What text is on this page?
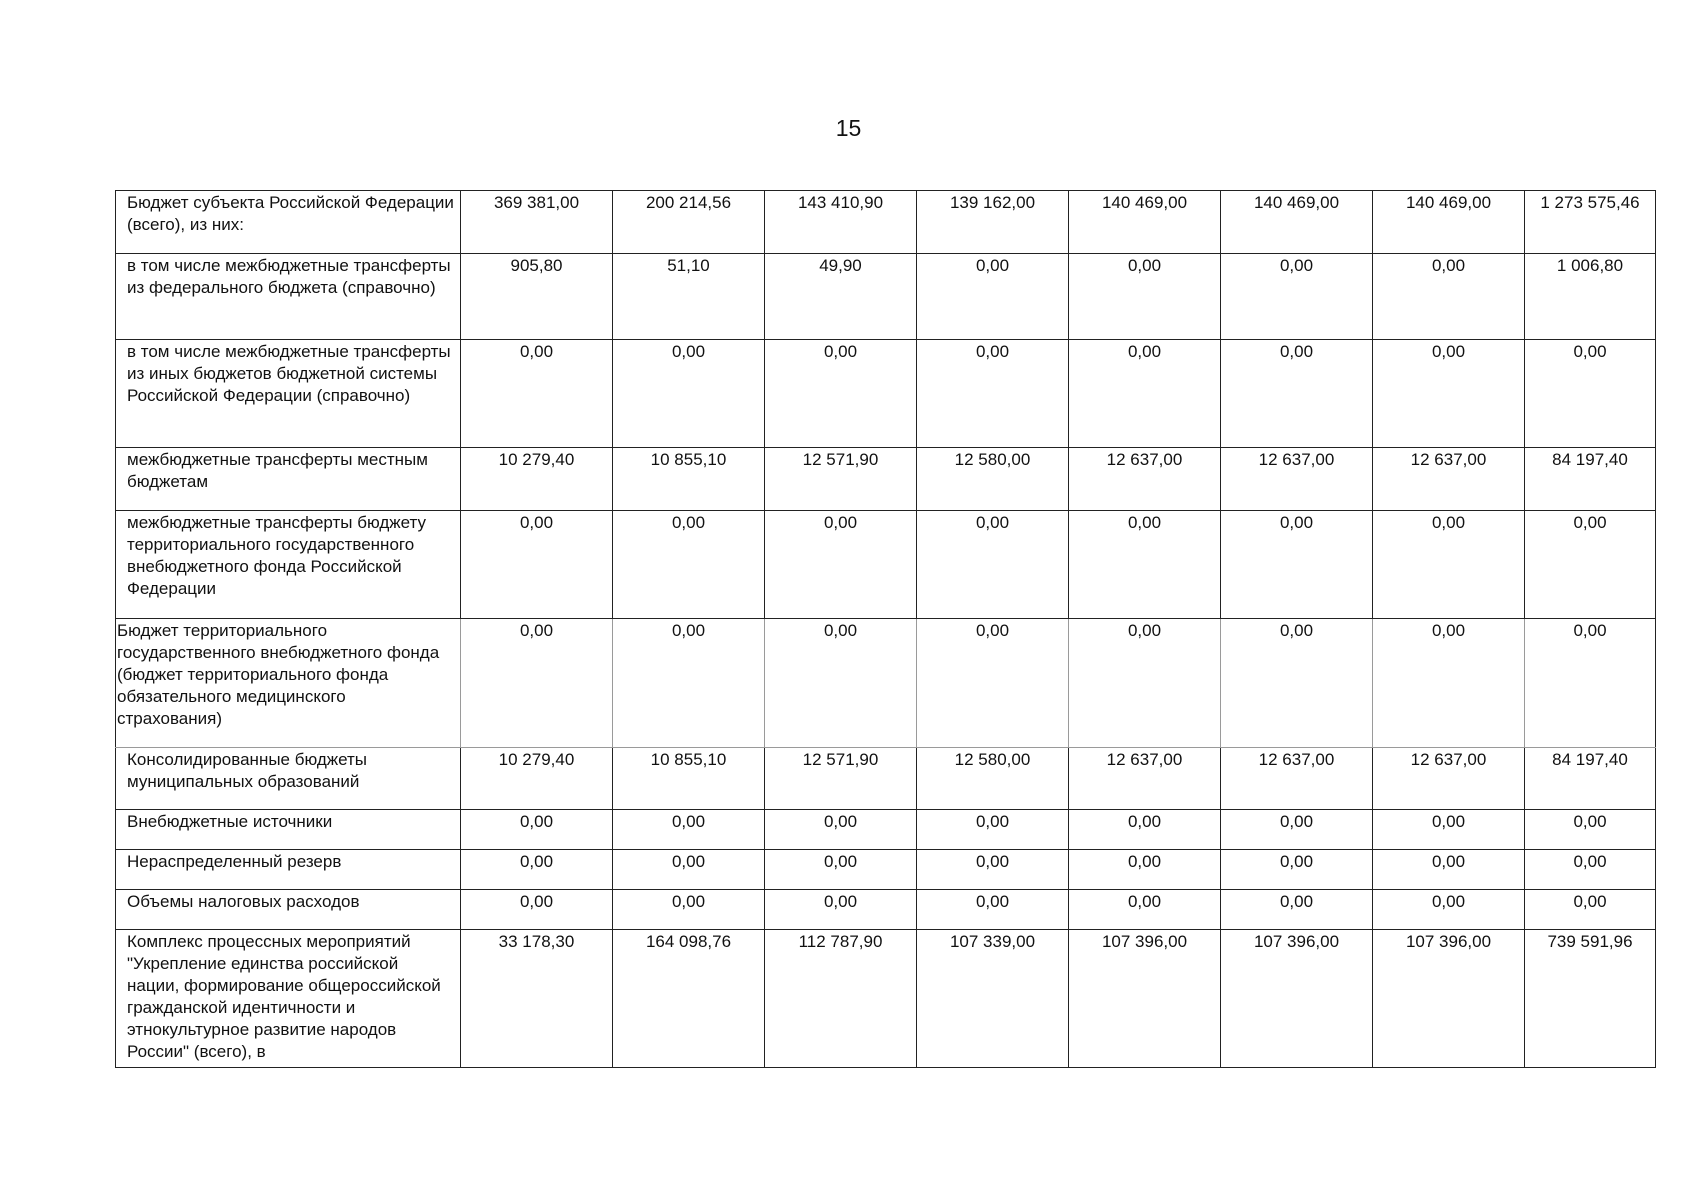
15
Бюджет субъекта Российской Федерации (всего), из них:	369 381,00	200 214,56	143 410,90	139 162,00	140 469,00	140 469,00	140 469,00	1 273 575,46
в том числе межбюджетные трансферты из федерального бюджета (справочно)	905,80	51,10	49,90	0,00	0,00	0,00	0,00	1 006,80
в том числе межбюджетные трансферты из иных бюджетов бюджетной системы Российской Федерации (справочно)	0,00	0,00	0,00	0,00	0,00	0,00	0,00	0,00
межбюджетные трансферты местным бюджетам	10 279,40	10 855,10	12 571,90	12 580,00	12 637,00	12 637,00	12 637,00	84 197,40
межбюджетные трансферты бюджету территориального государственного внебюджетного фонда Российской Федерации	0,00	0,00	0,00	0,00	0,00	0,00	0,00	0,00
Бюджет территориального государственного внебюджетного фонда (бюджет территориального фонда обязательного медицинского страхования)	0,00	0,00	0,00	0,00	0,00	0,00	0,00	0,00
Консолидированные бюджеты муниципальных образований	10 279,40	10 855,10	12 571,90	12 580,00	12 637,00	12 637,00	12 637,00	84 197,40
Внебюджетные источники	0,00	0,00	0,00	0,00	0,00	0,00	0,00	0,00
Нераспределенный резерв	0,00	0,00	0,00	0,00	0,00	0,00	0,00	0,00
Объемы налоговых расходов	0,00	0,00	0,00	0,00	0,00	0,00	0,00	0,00
Комплекс процессных мероприятий "Укрепление единства российской нации, формирование общероссийской гражданской идентичности и этнокультурное развитие народов России" (всего), в	33 178,30	164 098,76	112 787,90	107 339,00	107 396,00	107 396,00	107 396,00	739 591,96
